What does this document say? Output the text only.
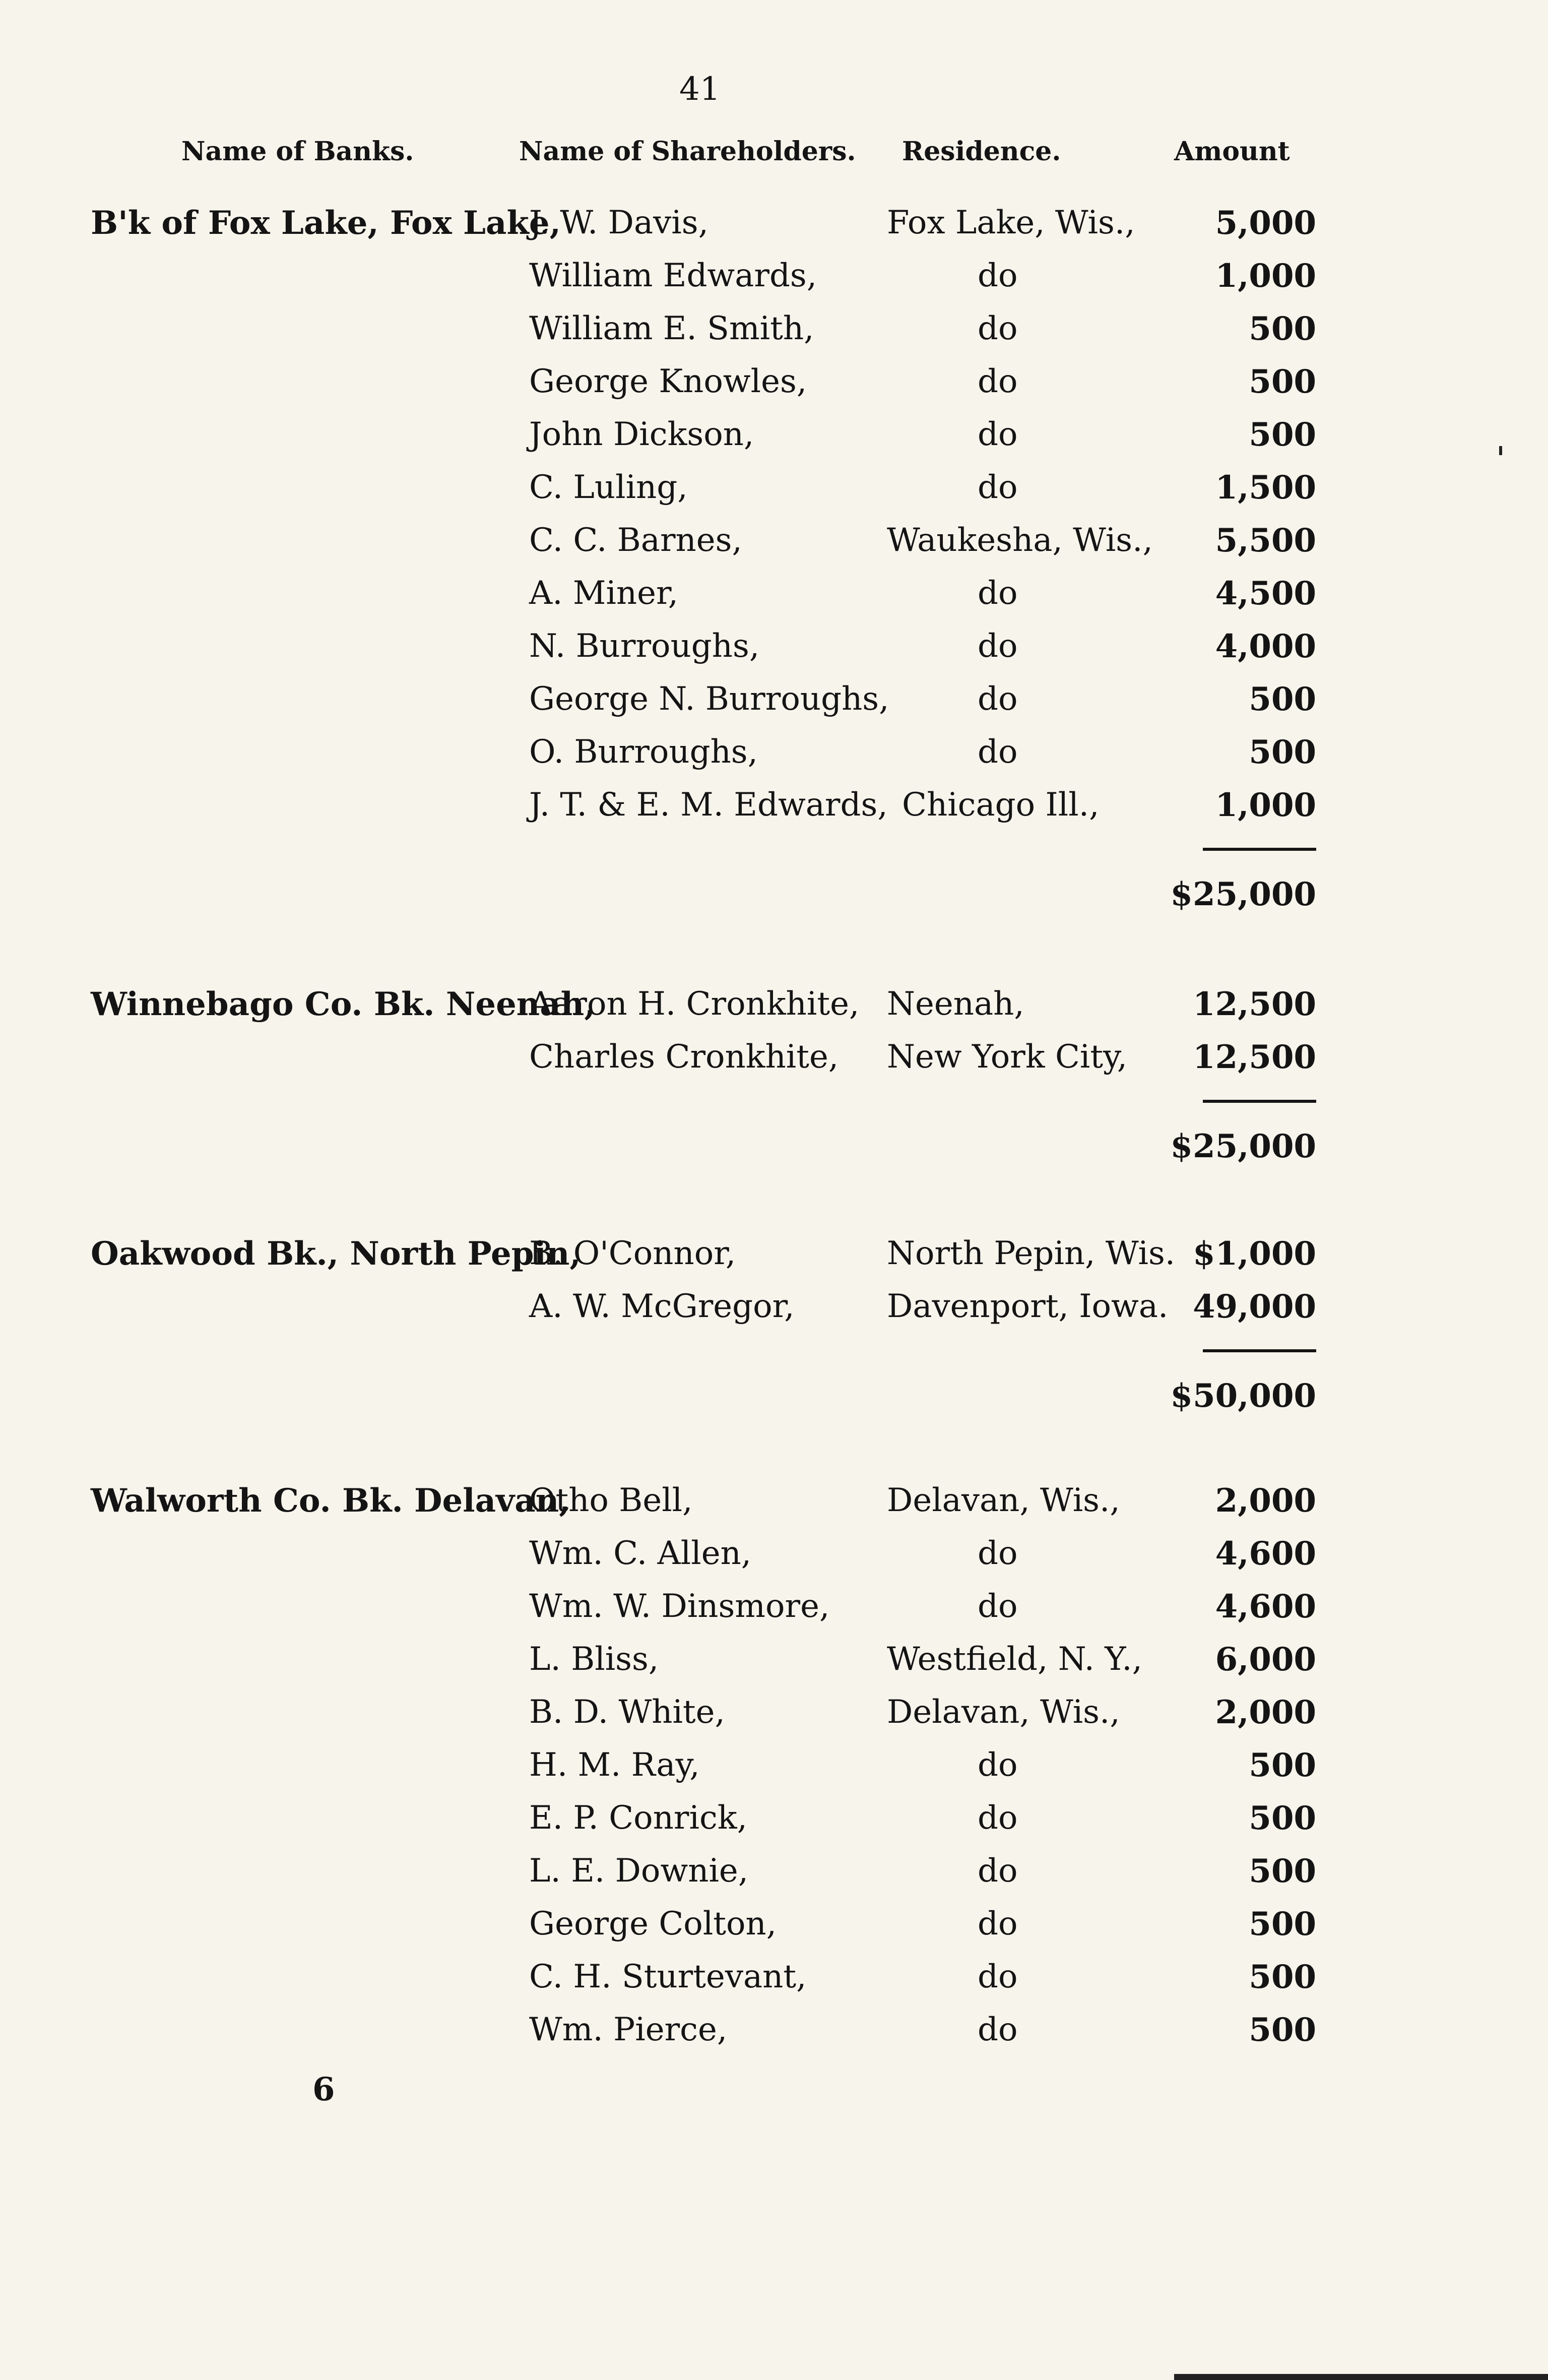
41
Name of Banks.	Name of Shareholders. Residence.	Amount
B'k of Fox Lake, Fox Lake,
J. W. Davis,	Fox Lake, Wis.,	5,000
William Edwards,	do	1,000
William E. Smith,	do	500
George Knowles,	do	500
John Dickson,	do	500
C. Luling,	do	1,500
C. C. Barnes,	Waukesha, Wis.,	5,500
A. Miner,	do	4,500
N. Burroughs,	do	4,000
George N. Burroughs,	do	500
O. Burroughs,	do	500
J. T. & E. M. Edwards, Chicago Ill.,	1,000
$25,000
Winnebago Co. Bk. Neenah,
Aaron H. Cronkhite, Neenah,	12,500
Charles Cronkhite, New York City,	12,500
$25,000
Oakwood Bk., North Pepin,
B. O'Connor,	North Pepin, Wis. $1,000
A. W. McGregor,	Davenport, Iowa. 49,000
$50,000
Walworth Co. Bk. Delavan,
Otho Bell,	Delavan, Wis.,	2,000
Wm. C. Allen,	do	4,600
Wm. W. Dinsmore,	do	4,600
L. Bliss,	Westfield, N. Y.,	6,000
B. D. White,	Delavan, Wis.,	2,000
H. M. Ray,	do	500
E. P. Conrick,	do	500
L. E. Downie,	do	500
George Colton,	do	500
C. H. Sturtevant,	do	500
Wm. Pierce,	do	500
6
